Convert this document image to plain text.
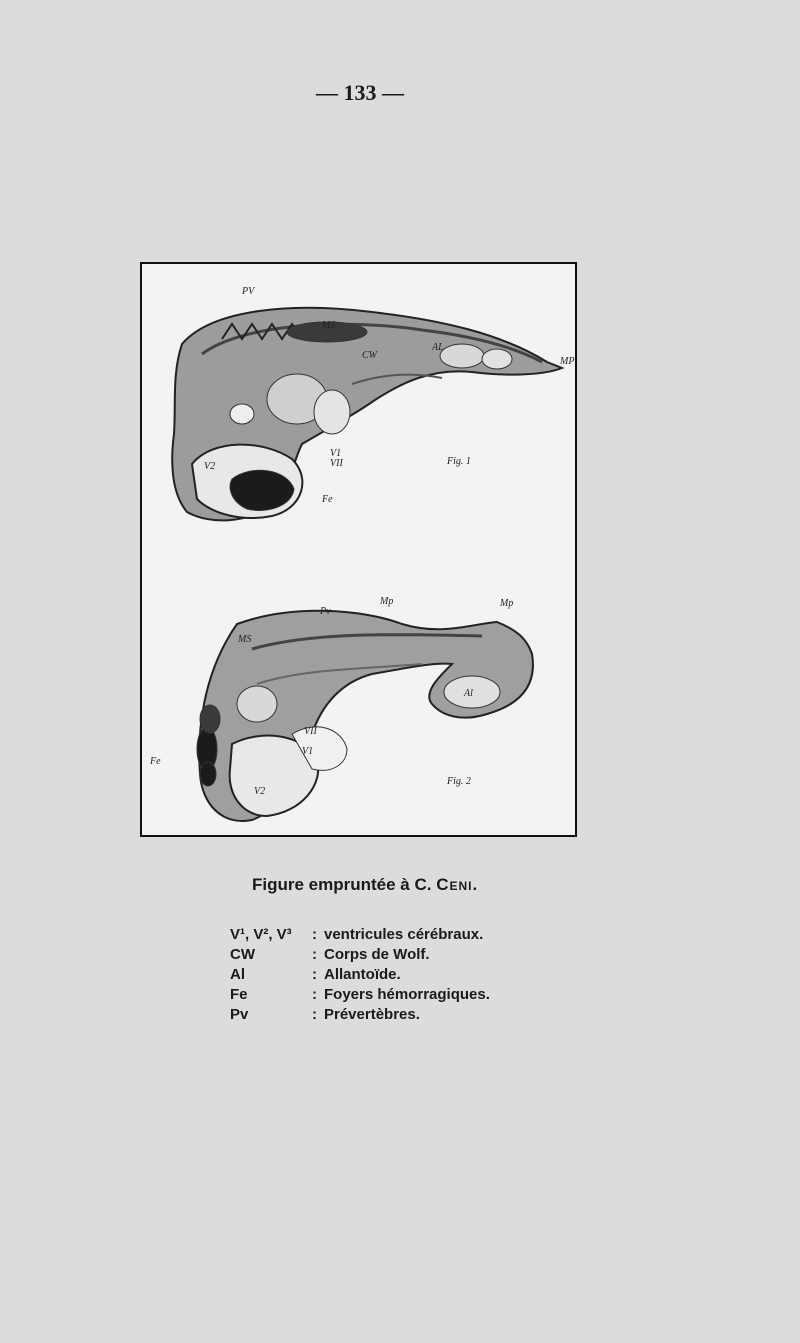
— 133 —

PV
MS
CW
AL
V2
V1
VII
Fe
MP
Fig. 1
Pv
MS
Mp	Mp
Al
V1
V2
VII
Fe
Fig. 2
Figure empruntée à C. Ceni.
V¹, V², V³	: ventricules cérébraux.
CW	: Corps de Wolf.
Al	: Allantoïde.
Fe	: Foyers hémorragiques.
Pv	: Prévertèbres.
